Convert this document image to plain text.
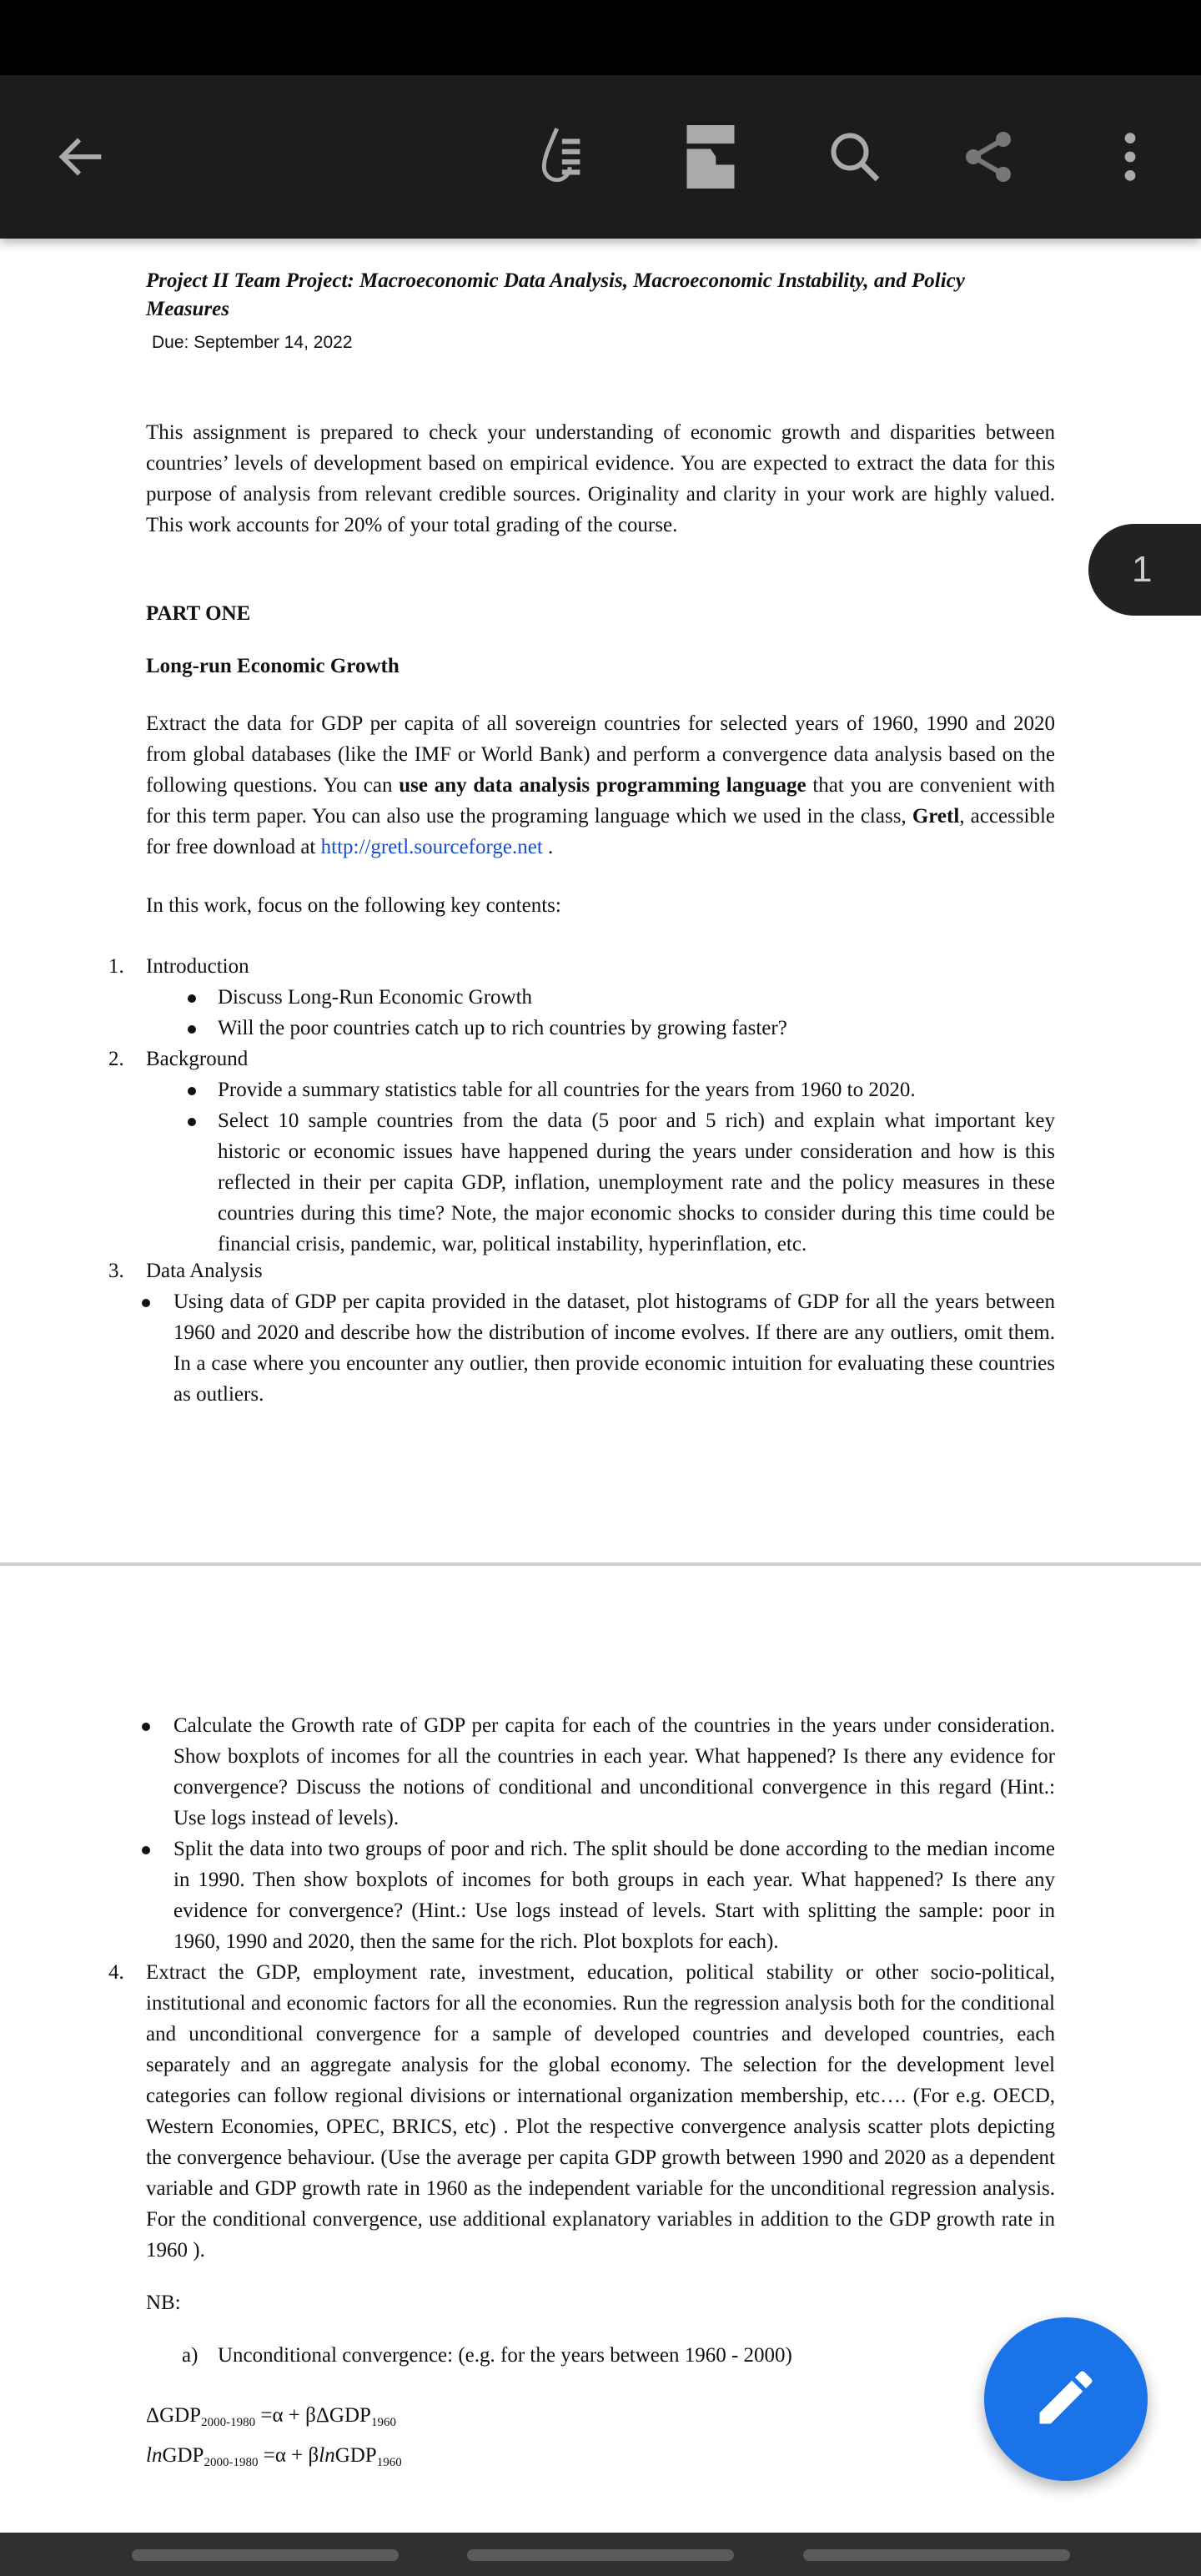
Project II Team Project: Macroeconomic Data Analysis, Macroeconomic Instability, and Policy
Measures
Due: September 14, 2022
This assignment is prepared to check your understanding of economic growth and disparities between countries’ levels of development based on empirical evidence. You are expected to extract the data for this purpose of analysis from relevant credible sources. Originality and clarity in your work are highly valued. This work accounts for 20% of your total grading of the course.
PART ONE
Long-run Economic Growth
Extract the data for GDP per capita of all sovereign countries for selected years of 1960, 1990 and 2020 from global databases (like the IMF or World Bank) and perform a convergence data analysis based on the following questions. You can use any data analysis programming language that you are convenient with for this term paper. You can also use the programing language which we used in the class, Gretl, accessible for free download at http://gretl.sourceforge.net .
In this work, focus on the following key contents:
1. Introduction
Discuss Long-Run Economic Growth
Will the poor countries catch up to rich countries by growing faster?
2. Background
Provide a summary statistics table for all countries for the years from 1960 to 2020.
Select 10 sample countries from the data (5 poor and 5 rich) and explain what important key historic or economic issues have happened during the years under consideration and how is this reflected in their per capita GDP, inflation, unemployment rate and the policy measures in these countries during this time? Note, the major economic shocks to consider during this time could be financial crisis, pandemic, war, political instability, hyperinflation, etc.
3. Data Analysis
Using data of GDP per capita provided in the dataset, plot histograms of GDP for all the years between 1960 and 2020 and describe how the distribution of income evolves. If there are any outliers, omit them. In a case where you encounter any outlier, then provide economic intuition for evaluating these countries as outliers.
Calculate the Growth rate of GDP per capita for each of the countries in the years under consideration. Show boxplots of incomes for all the countries in each year. What happened? Is there any evidence for convergence? Discuss the notions of conditional and unconditional convergence in this regard (Hint.: Use logs instead of levels).
Split the data into two groups of poor and rich. The split should be done according to the median income in 1990. Then show boxplots of incomes for both groups in each year. What happened? Is there any evidence for convergence? (Hint.: Use logs instead of levels. Start with splitting the sample: poor in 1960, 1990 and 2020, then the same for the rich. Plot boxplots for each).
4. Extract the GDP, employment rate, investment, education, political stability or other socio-political, institutional and economic factors for all the economies. Run the regression analysis both for the conditional and unconditional convergence for a sample of developed countries and developed countries, each separately and an aggregate analysis for the global economy. The selection for the development level categories can follow regional divisions or international organization membership, etc…. (For e.g. OECD, Western Economies, OPEC, BRICS, etc) . Plot the respective convergence analysis scatter plots depicting the convergence behaviour. (Use the average per capita GDP growth between 1990 and 2020 as a dependent variable and GDP growth rate in 1960 as the independent variable for the unconditional regression analysis. For the conditional convergence, use additional explanatory variables in addition to the GDP growth rate in 1960 ).
NB:
a) Unconditional convergence: (e.g. for the years between 1960 - 2000)
$\Delta GDP_{2000-1980} =\alpha + \beta\Delta GDP_{1960}$
lnGDP$_{2000-1980}$ =α + βlnGDP$_{1960}$
1
